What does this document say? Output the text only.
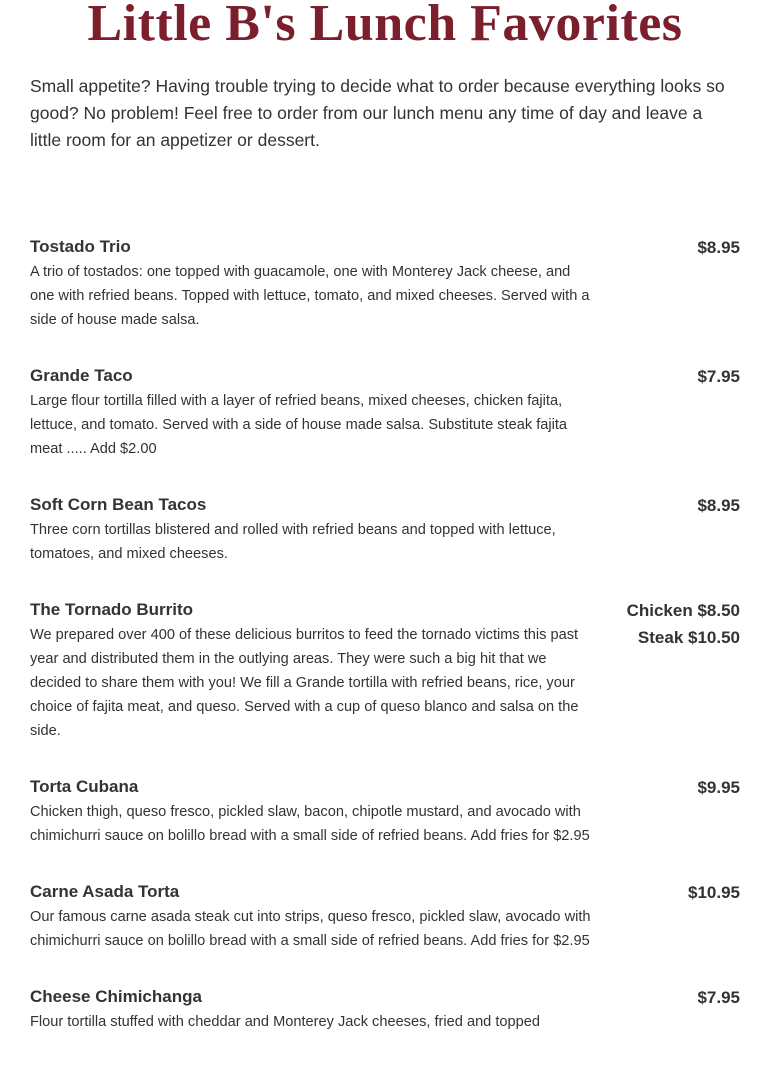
Little B's Lunch Favorites

Small appetite? Having trouble trying to decide what to order because everything looks so good? No problem! Feel free to order from our lunch menu any time of day and leave a little room for an appetizer or dessert.

Tostado Trio
A trio of tostados: one topped with guacamole, one with Monterey Jack cheese, and one with refried beans. Topped with lettuce, tomato, and mixed cheeses. Served with a side of house made salsa.
$8.95
Grande Taco
Large flour tortilla filled with a layer of refried beans, mixed cheeses, chicken fajita, lettuce, and tomato. Served with a side of house made salsa. Substitute steak fajita meat ..... Add $2.00
$7.95
Soft Corn Bean Tacos
Three corn tortillas blistered and rolled with refried beans and topped with lettuce, tomatoes, and mixed cheeses.
$8.95
The Tornado Burrito
We prepared over 400 of these delicious burritos to feed the tornado victims this past year and distributed them in the outlying areas. They were such a big hit that we decided to share them with you! We fill a Grande tortilla with refried beans, rice, your choice of fajita meat, and queso. Served with a cup of queso blanco and salsa on the side.
Chicken $8.50
Steak $10.50
Torta Cubana
Chicken thigh, queso fresco, pickled slaw, bacon, chipotle mustard, and avocado with chimichurri sauce on bolillo bread with a small side of refried beans. Add fries for $2.95
$9.95
Carne Asada Torta
Our famous carne asada steak cut into strips, queso fresco, pickled slaw, avocado with chimichurri sauce on bolillo bread with a small side of refried beans. Add fries for $2.95
$10.95
Cheese Chimichanga
Flour tortilla stuffed with cheddar and Monterey Jack cheeses, fried and topped
$7.95
